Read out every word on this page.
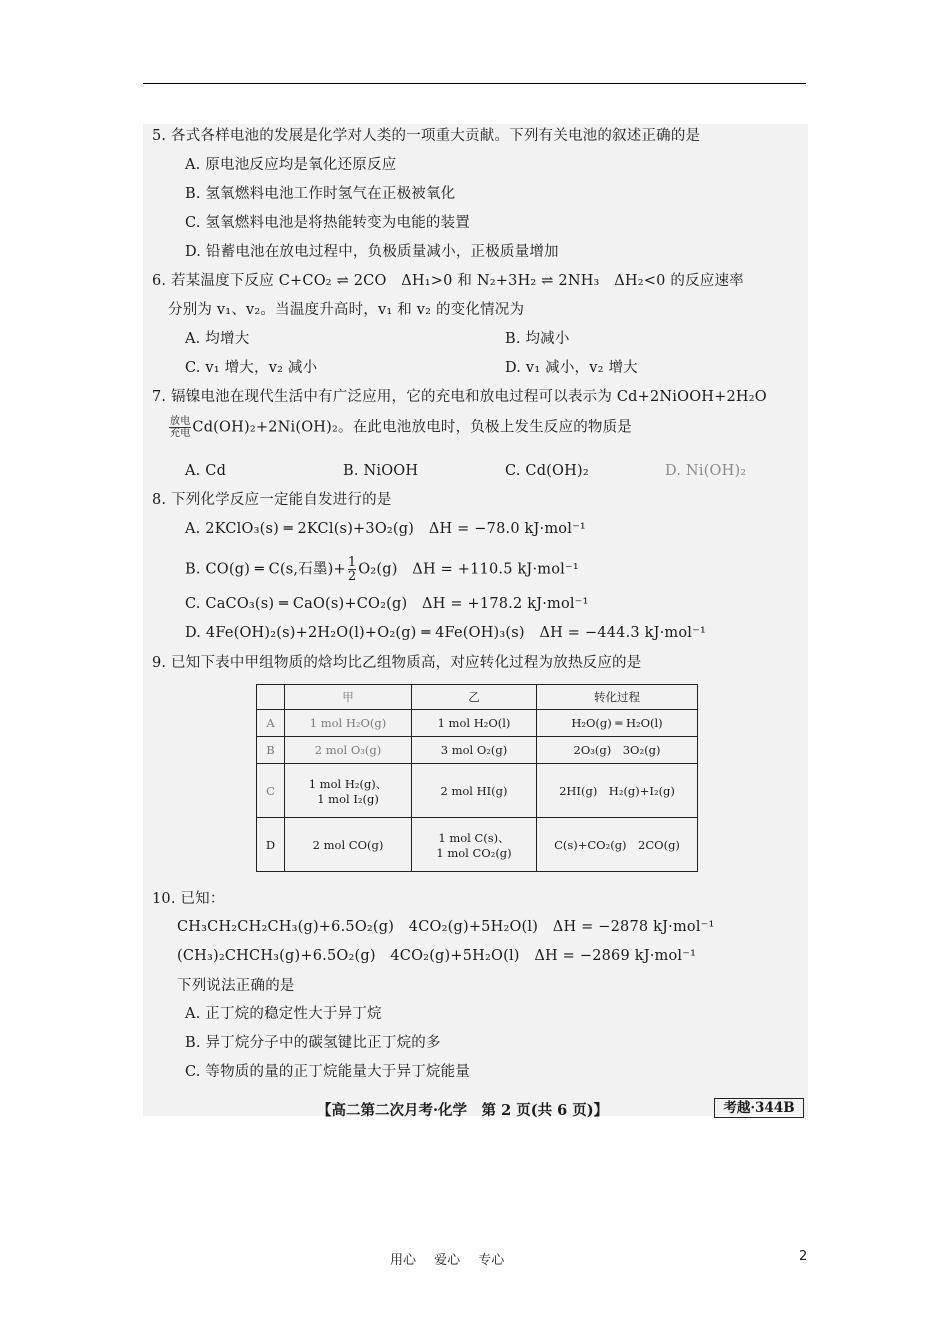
5. 各式各样电池的发展是化学对人类的一项重大贡献。下列有关电池的叙述正确的是
A. 原电池反应均是氧化还原反应
B. 氢氧燃料电池工作时氢气在正极被氧化
C. 氢氧燃料电池是将热能转变为电能的装置
D. 铅蓄电池在放电过程中，负极质量减小，正极质量增加
6. 若某温度下反应 C+CO₂ ⇌ 2CO　ΔH₁>0 和 N₂+3H₂ ⇌ 2NH₃　ΔH₂<0 的反应速率
分别为 v₁、v₂。当温度升高时，v₁ 和 v₂ 的变化情况为
A. 均增大	B. 均减小
C. v₁ 增大，v₂ 减小	D. v₁ 减小，v₂ 增大
7. 镉镍电池在现代生活中有广泛应用，它的充电和放电过程可以表示为 Cd+2NiOOH+2H₂O
$\frac{\text{放电}}{\text{充电}} Cd(OH)_2+2Ni(OH)_2$。在此电池放电时，负极上发生反应的物质是
A. Cd	B. NiOOH	C. Cd(OH)₂	D. Ni(OH)₂
8. 下列化学反应一定能自发进行的是
A. 2KClO₃(s) ═ 2KCl(s)+3O₂(g)　ΔH = −78.0 kJ·mol⁻¹
B. CO(g) ═ C(s,石墨)+ $\frac{1}{2} O_2(g)$　ΔH = +110.5 kJ·mol⁻¹
C. CaCO₃(s) ═ CaO(s)+CO₂(g)　ΔH = +178.2 kJ·mol⁻¹
D. 4Fe(OH)₂(s)+2H₂O(l)+O₂(g) ═ 4Fe(OH)₃(s)　ΔH = −444.3 kJ·mol⁻¹
9. 已知下表中甲组物质的焓均比乙组物质高，对应转化过程为放热反应的是
	甲	乙	转化过程
A	1 mol H₂O(g)	1 mol H₂O(l)	H₂O(g) ═ H₂O(l)
B	2 mol O₃(g)	3 mol O₂(g)	2O₃(g)　3O₂(g)
C	1 mol H₂(g)、
1 mol I₂(g)	2 mol HI(g)	2HI(g)　H₂(g)+I₂(g)
D	2 mol CO(g)	1 mol C(s)、
1 mol CO₂(g)	C(s)+CO₂(g)　2CO(g)
10. 已知：
CH₃CH₂CH₂CH₃(g)+6.5O₂(g)　4CO₂(g)+5H₂O(l)　ΔH = −2878 kJ·mol⁻¹
(CH₃)₂CHCH₃(g)+6.5O₂(g)　4CO₂(g)+5H₂O(l)　ΔH = −2869 kJ·mol⁻¹
下列说法正确的是
A. 正丁烷的稳定性大于异丁烷
B. 异丁烷分子中的碳氢键比正丁烷的多
C. 等物质的量的正丁烷能量大于异丁烷能量
【高二第二次月考·化学　第 2 页(共 6 页)】	考越·344B
用心 爱心 专心	2
